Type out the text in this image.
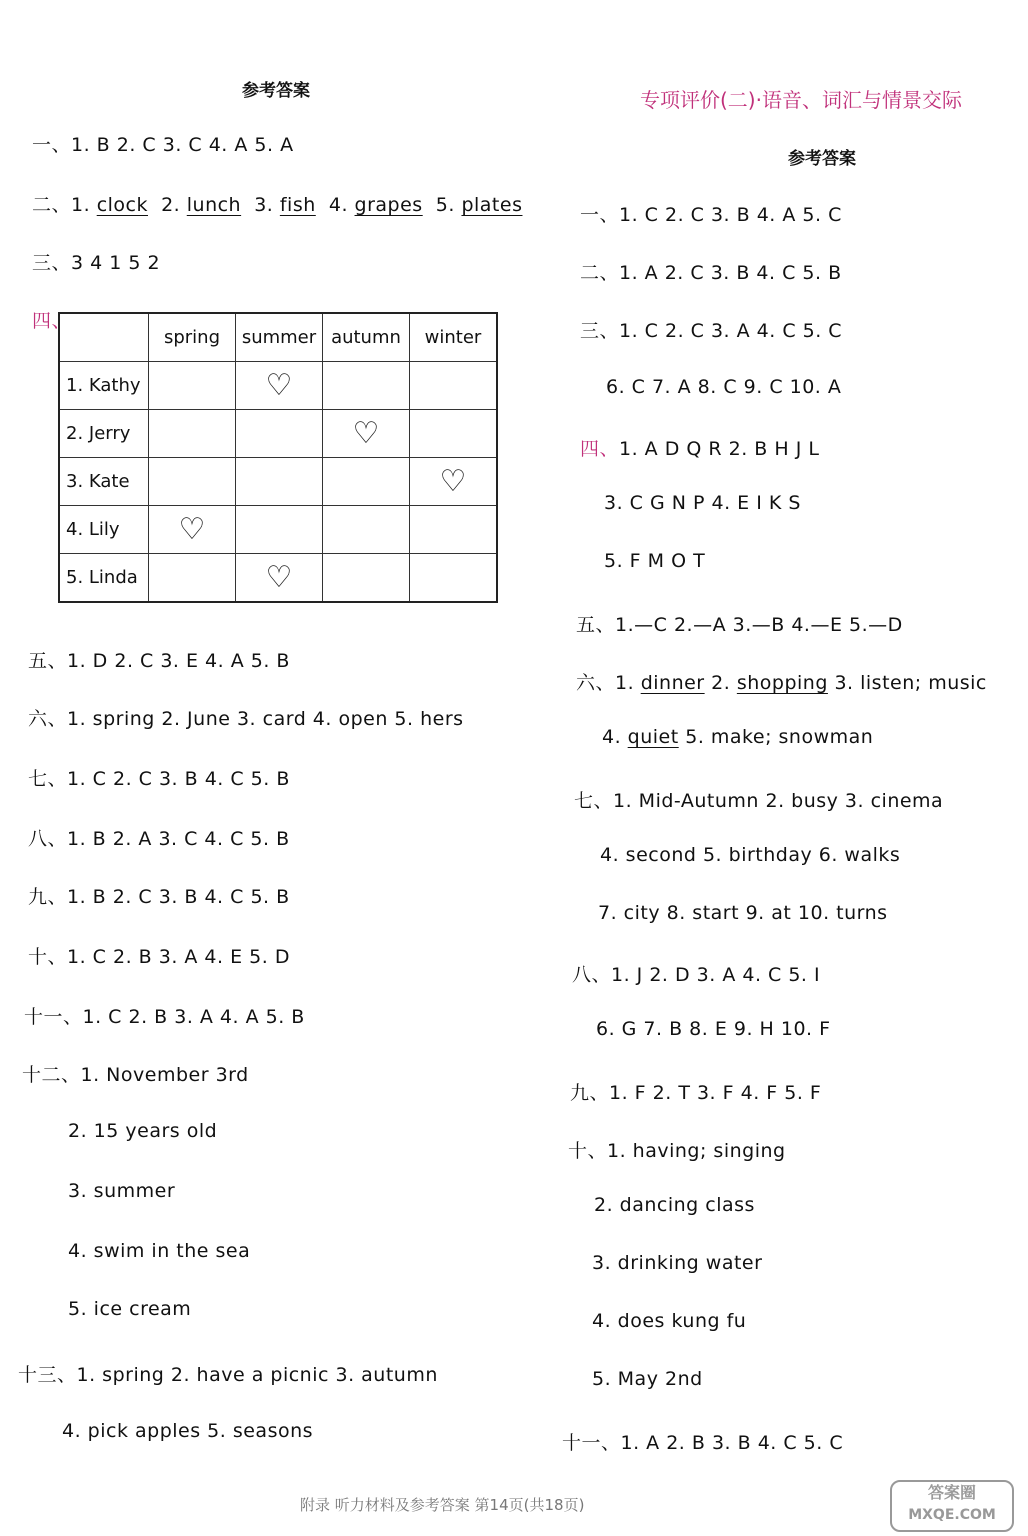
参考答案
一、1. B 2. C 3. C 4. A 5. A
二、1. clock  2. lunch  3. fish  4. grapes  5. plates
三、3 4 1 5 2
四、
	spring	summer	autumn	winter
1. Kathy		♡		
2. Jerry			♡	
3. Kate				♡
4. Lily	♡			
5. Linda		♡		
五、1. D 2. C 3. E 4. A 5. B
六、1. spring 2. June 3. card 4. open 5. hers
七、1. C 2. C 3. B 4. C 5. B
八、1. B 2. A 3. C 4. C 5. B
九、1. B 2. C 3. B 4. C 5. B
十、1. C 2. B 3. A 4. E 5. D
十一、1. C 2. B 3. A 4. A 5. B
十二、1. November 3rd
2. 15 years old
3. summer
4. swim in the sea
5. ice cream
十三、1. spring 2. have a picnic 3. autumn
4. pick apples 5. seasons
专项评价(二)·语音、词汇与情景交际
参考答案
一、1. C 2. C 3. B 4. A 5. C
二、1. A 2. C 3. B 4. C 5. B
三、1. C 2. C 3. A 4. C 5. C
6. C 7. A 8. C 9. C 10. A
四、1. A D Q R 2. B H J L
3. C G N P 4. E I K S
5. F M O T
五、1.—C 2.—A 3.—B 4.—E 5.—D
六、1. dinner 2. shopping 3. listen; music
4. quiet 5. make; snowman
七、1. Mid-Autumn 2. busy 3. cinema
4. second 5. birthday 6. walks
7. city 8. start 9. at 10. turns
八、1. J 2. D 3. A 4. C 5. I
6. G 7. B 8. E 9. H 10. F
九、1. F 2. T 3. F 4. F 5. F
十、1. having; singing
2. dancing class
3. drinking water
4. does kung fu
5. May 2nd
十一、1. A 2. B 3. B 4. C 5. C
附录 听力材料及参考答案 第14页(共18页)
答案圈
MXQE.COM
